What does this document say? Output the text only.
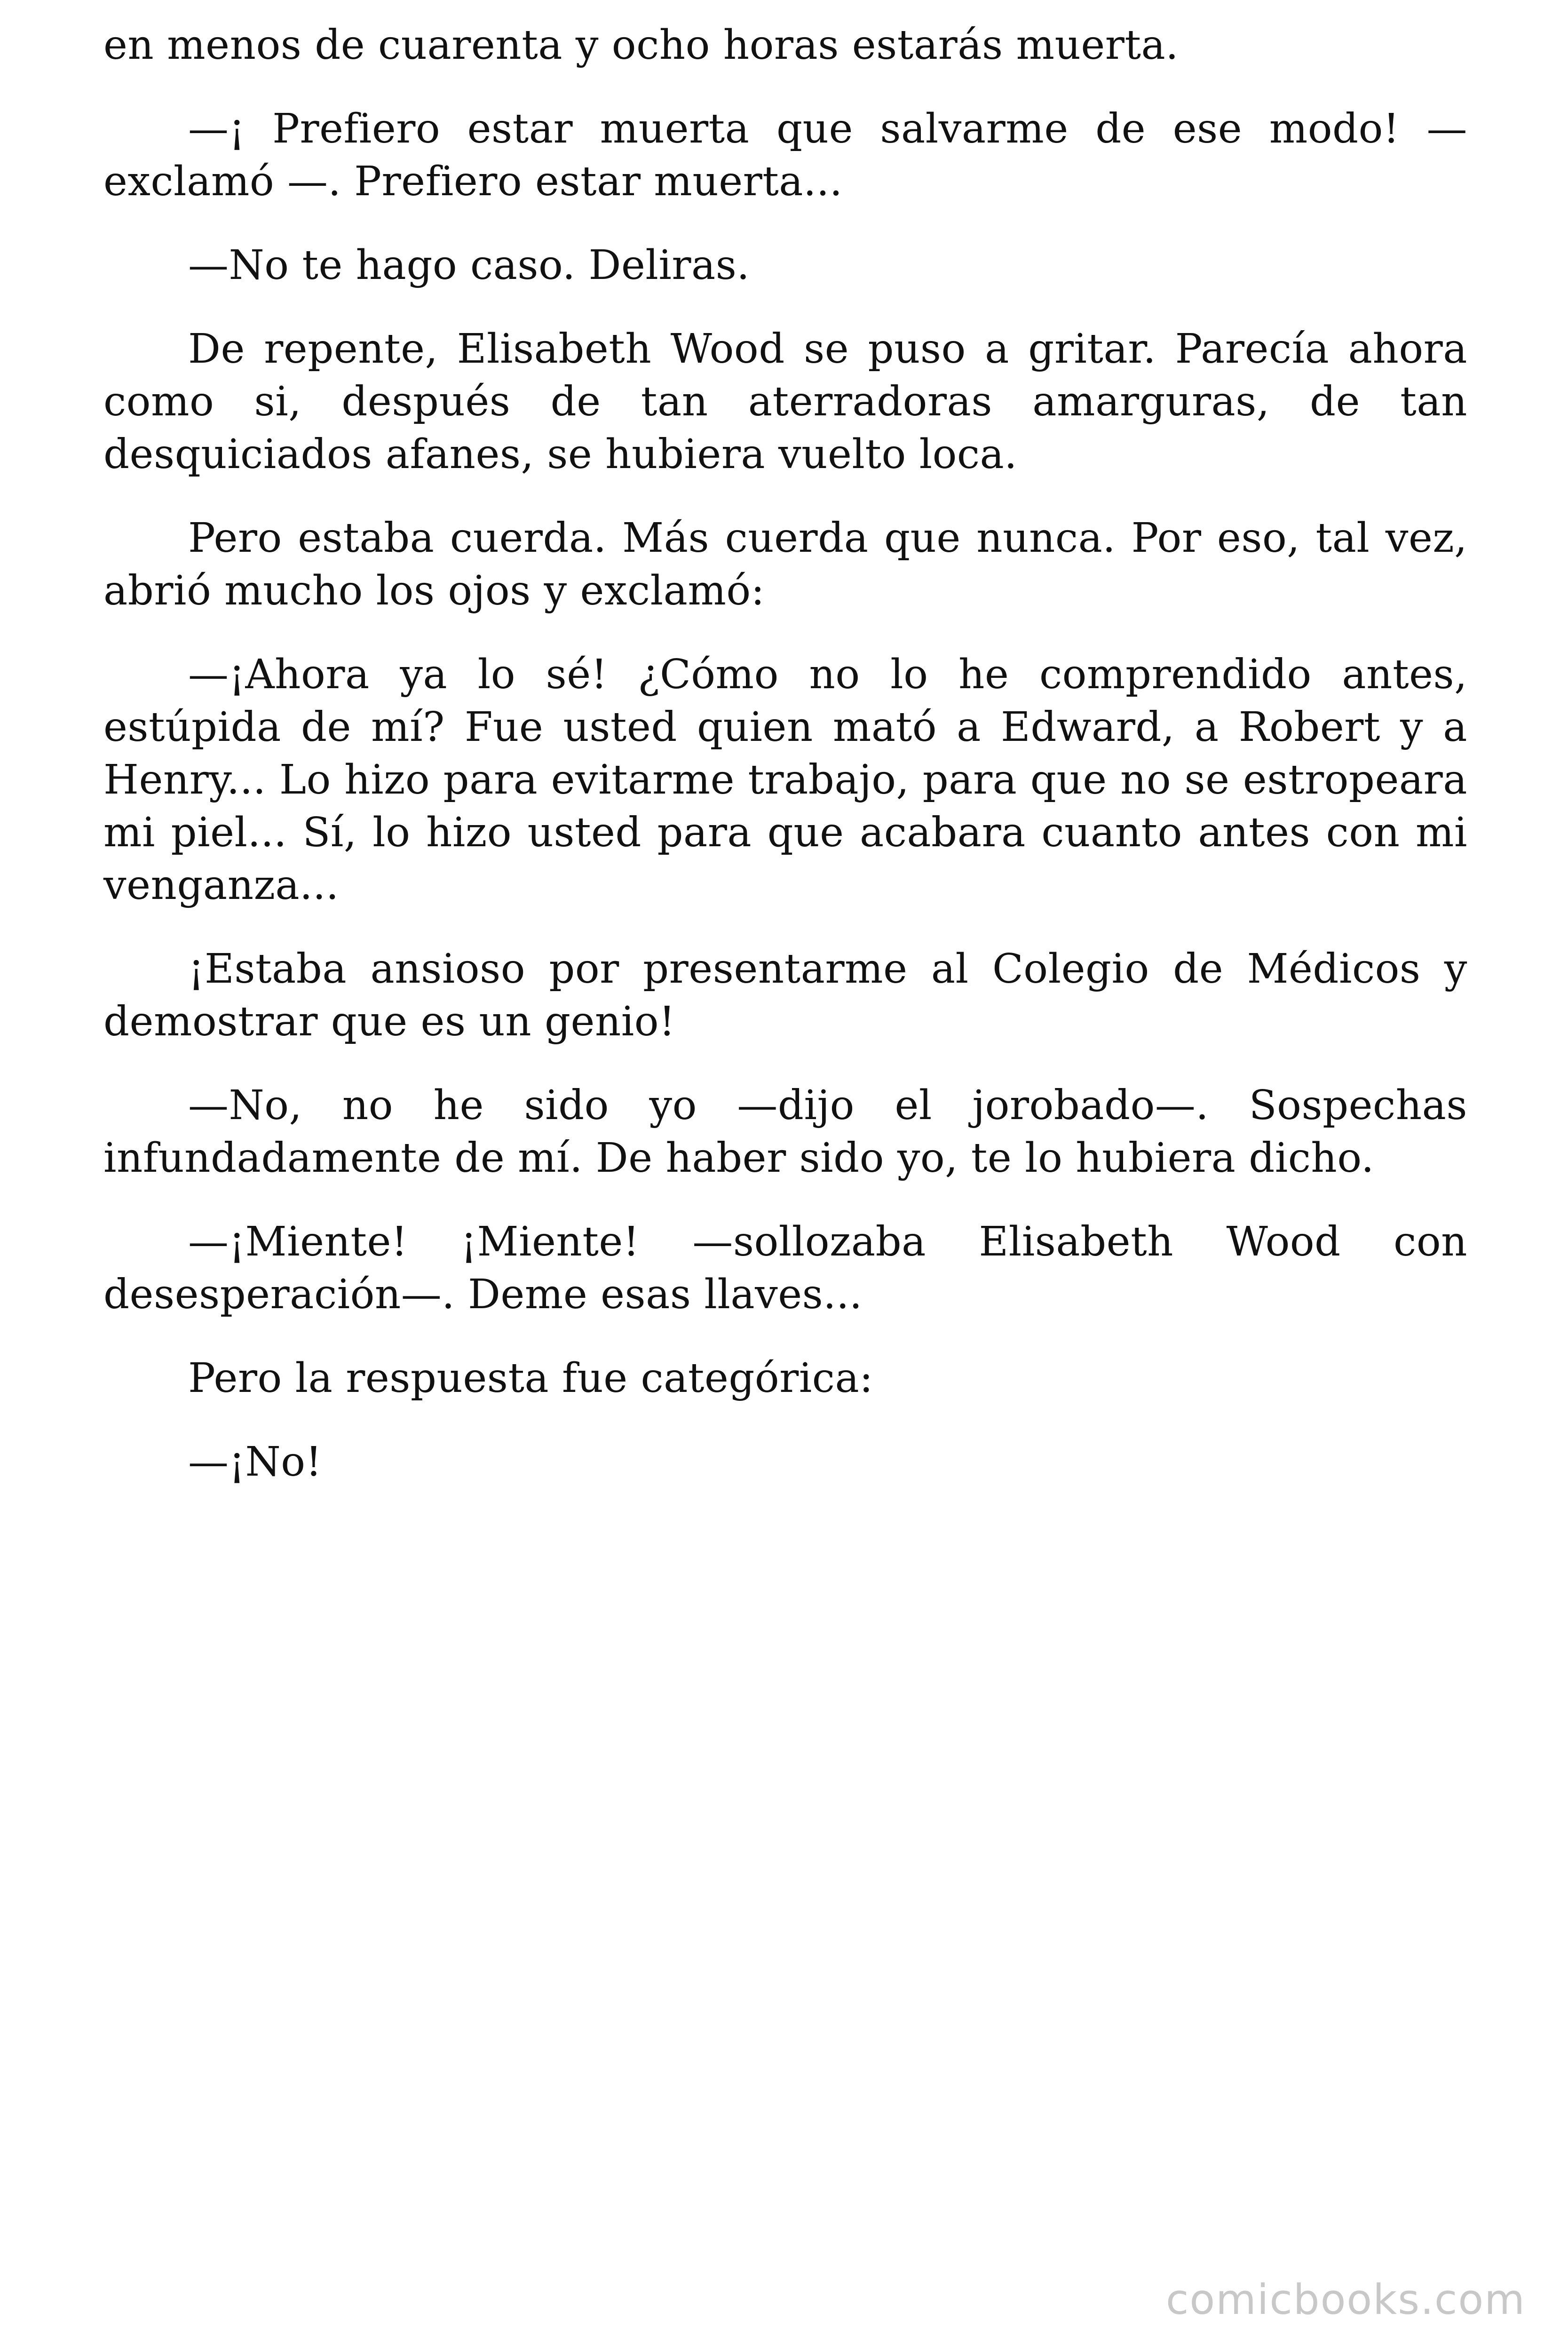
en menos de cuarenta y ocho horas estarás muerta.

—¡ Prefiero estar muerta que salvarme de ese modo! —exclamó —. Prefiero estar muerta...

—No te hago caso. Deliras.

De repente, Elisabeth Wood se puso a gritar. Parecía ahora como si, después de tan aterradoras amarguras, de tan desquiciados afanes, se hubiera vuelto loca.

Pero estaba cuerda. Más cuerda que nunca. Por eso, tal vez, abrió mucho los ojos y exclamó:

—¡Ahora ya lo sé! ¿Cómo no lo he comprendido antes, estúpida de mí? Fue usted quien mató a Edward, a Robert y a Henry... Lo hizo para evitarme trabajo, para que no se estropeara mi piel... Sí, lo hizo usted para que acabara cuanto antes con mi venganza...

¡Estaba ansioso por presentarme al Colegio de Médicos y demostrar que es un genio!

—No, no he sido yo —dijo el jorobado—. Sospechas infundadamente de mí. De haber sido yo, te lo hubiera dicho.

—¡Miente! ¡Miente! —sollozaba Elisabeth Wood con desesperación—. Deme esas llaves...

Pero la respuesta fue categórica:

—¡No!

comicbooks.com
